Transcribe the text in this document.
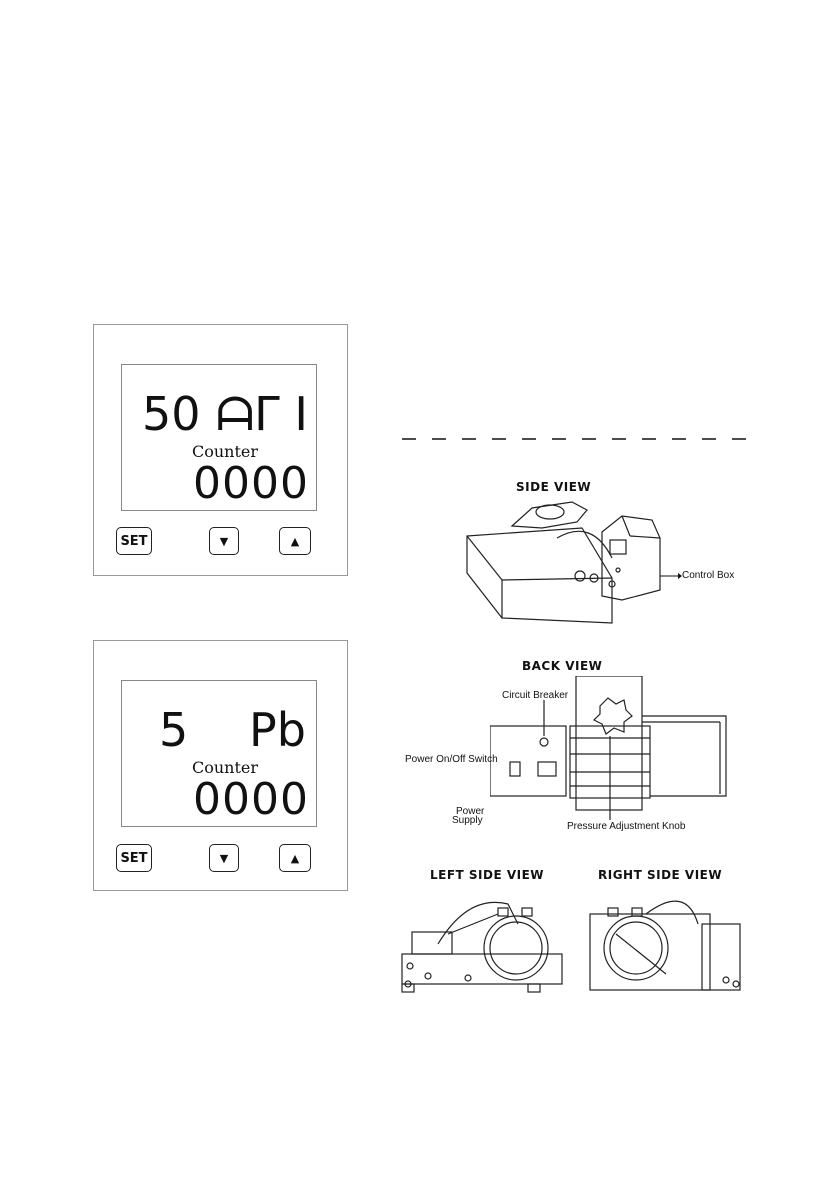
50 ᗩᒥ I
Counter
0000
SET	▼	▲
5 Pb
Counter
0000
SET	▼	▲
SIDE VIEW
Control Box
BACK VIEW
Circuit Breaker
Power On/Off Switch
Power
Supply
Pressure Adjustment Knob
LEFT SIDE VIEW	RIGHT SIDE VIEW
